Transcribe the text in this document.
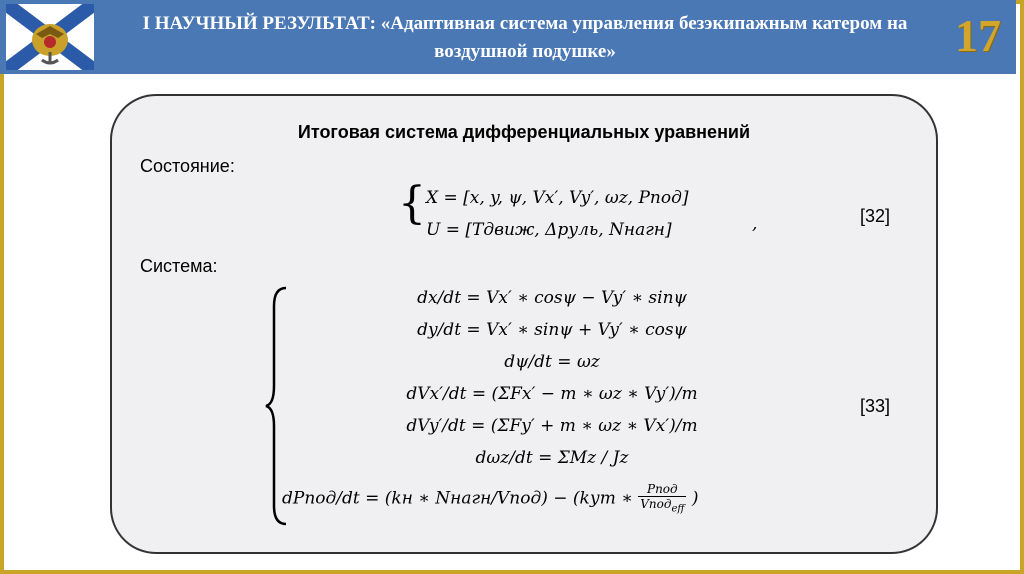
I НАУЧНЫЙ РЕЗУЛЬТАТ: «Адаптивная система управления безэкипажным катером на воздушной подушке»	17
Итоговая система дифференциальных уравнений
Состояние:
{ X = [x, y, ψ, Vx′, Vy′, ωz, Pпод]
U = [Tдвиж, Δруль, Nнагн]	,	[32]
Система:
dx/dt = Vx′ ∗ cosψ − Vy′ ∗ sinψ
dy/dt = Vx′ ∗ sinψ + Vy′ ∗ cosψ
dψ/dt = ωz
dVx′/dt = (ΣFx′ − m ∗ ωz ∗ Vy′)/m
dVy′/dt = (ΣFy′ + m ∗ ωz ∗ Vx′)/m
dωz/dt = ΣMz / Jz
dPпод/dt = (kн ∗ Nнагн/Vпод) − (kут ∗ $\frac{\text{Pпод}}{Vпод_{eff}}$ )
[33]
